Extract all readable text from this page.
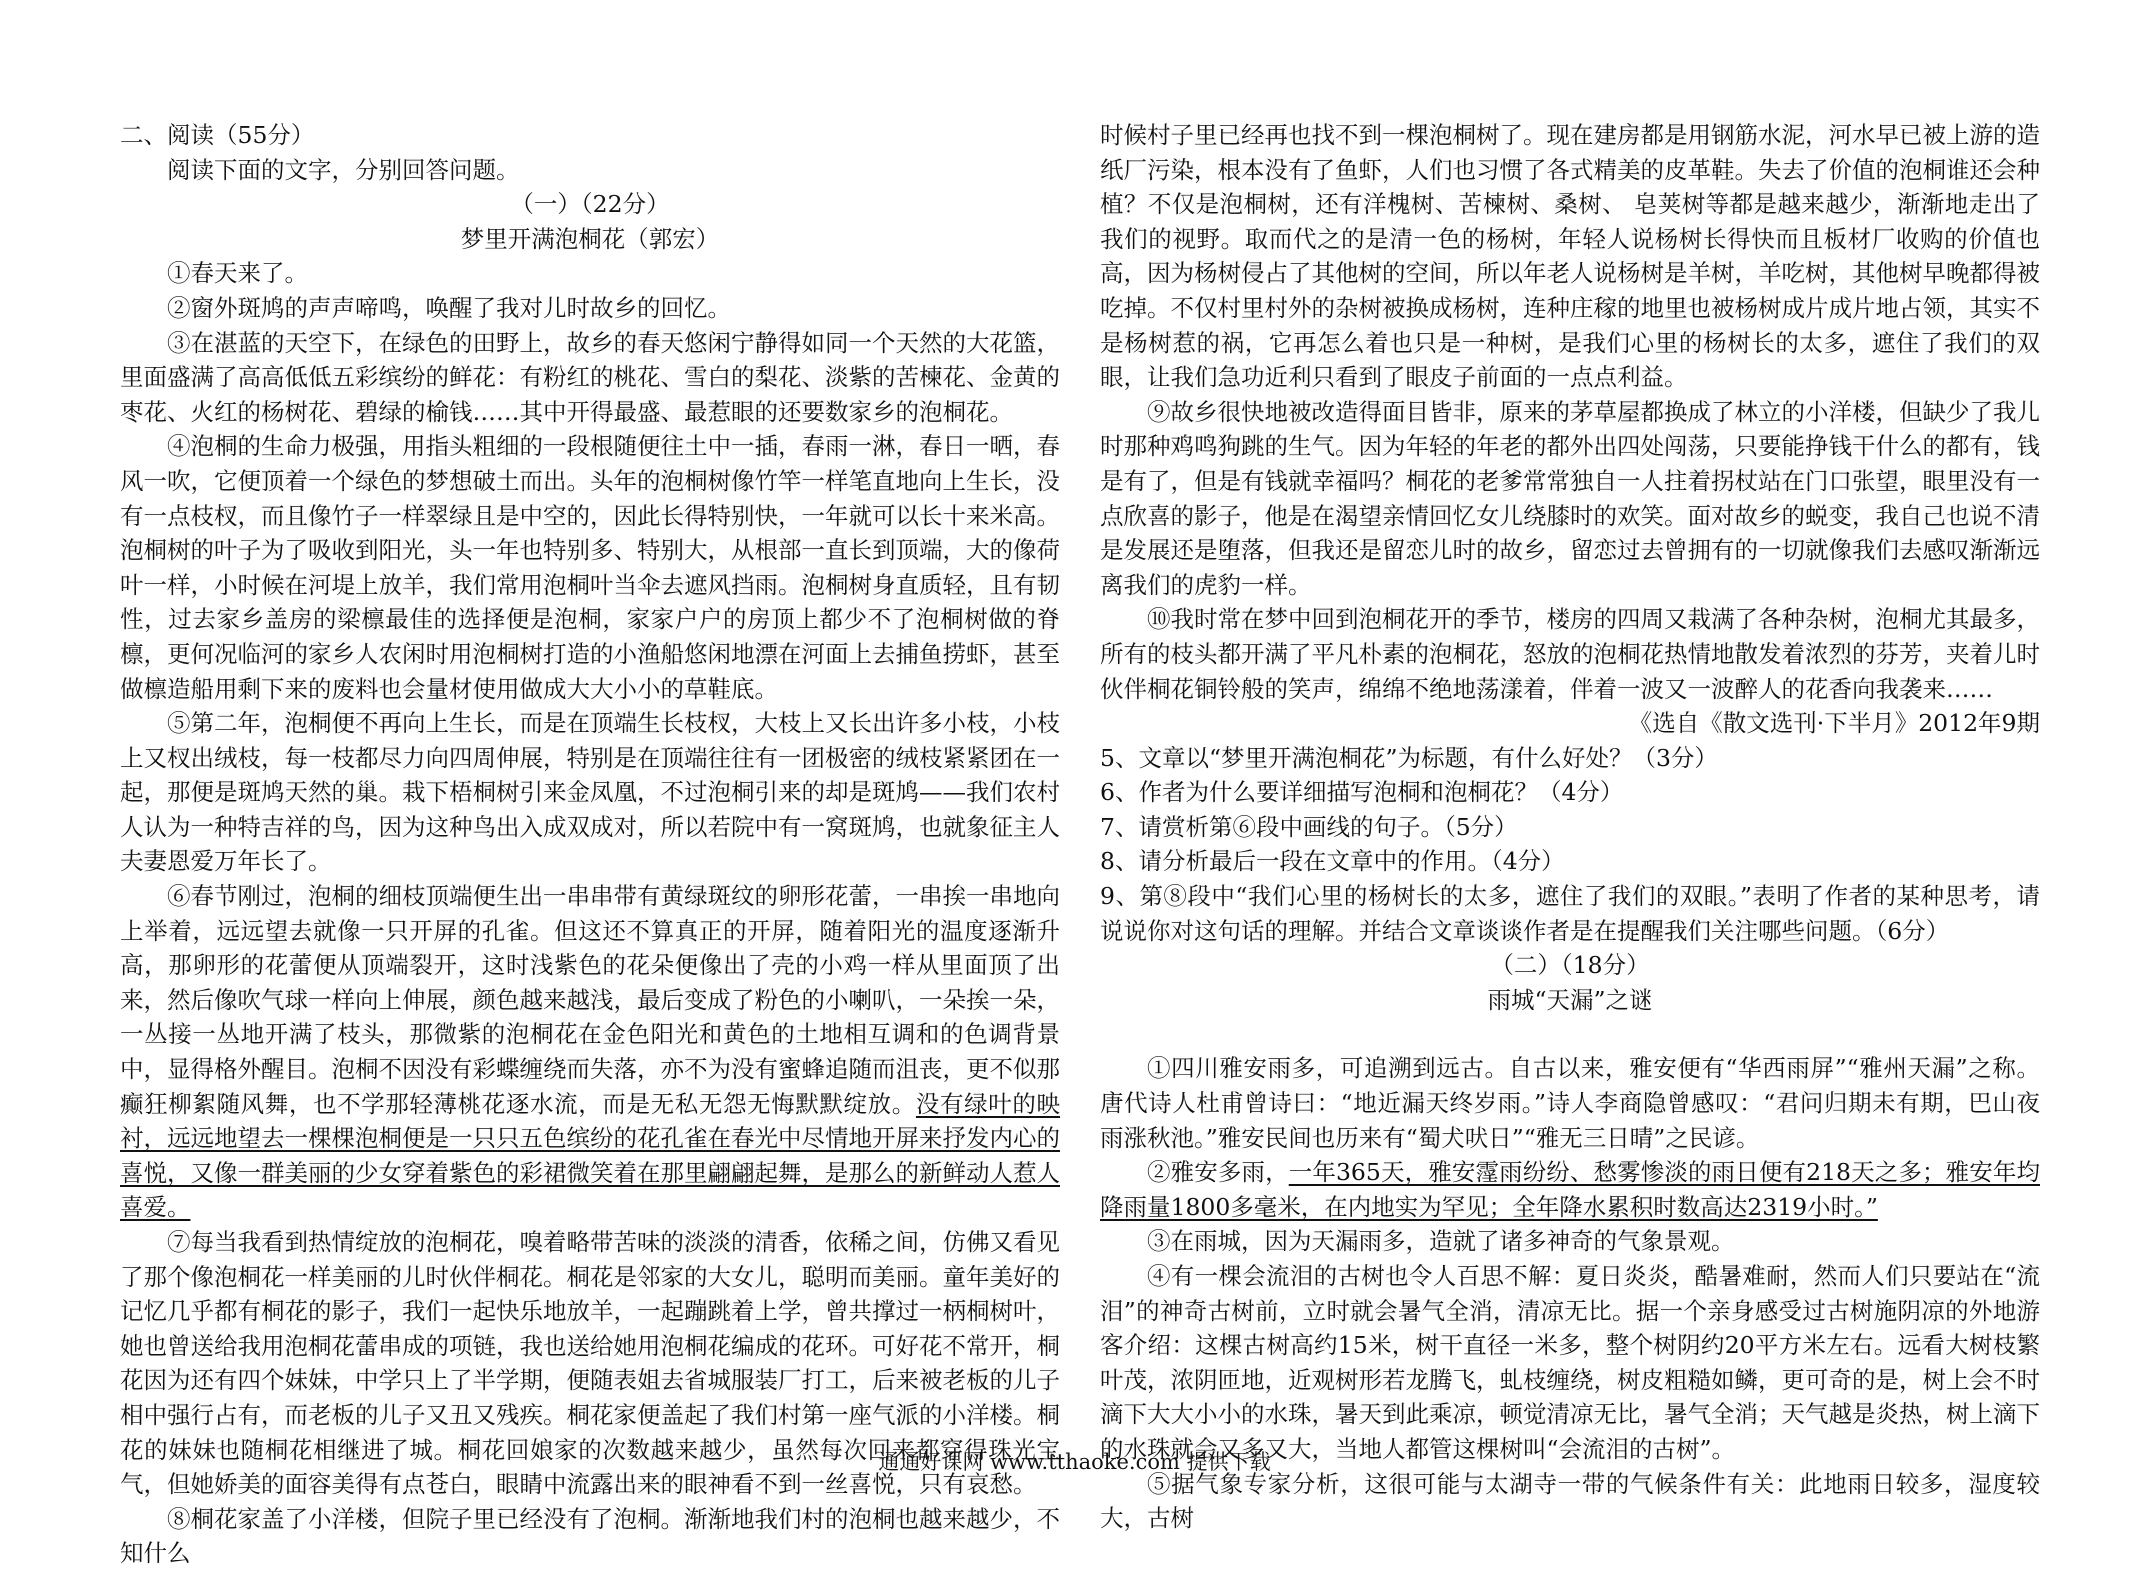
二、阅读（55分）

阅读下面的文字，分别回答问题。

（一）（22分）

梦里开满泡桐花（郭宏）

①春天来了。

②窗外斑鸠的声声啼鸣，唤醒了我对儿时故乡的回忆。

③在湛蓝的天空下，在绿色的田野上，故乡的春天悠闲宁静得如同一个天然的大花篮，里面盛满了高高低低五彩缤纷的鲜花：有粉红的桃花、雪白的梨花、淡紫的苦楝花、金黄的枣花、火红的杨树花、碧绿的榆钱……其中开得最盛、最惹眼的还要数家乡的泡桐花。

④泡桐的生命力极强，用指头粗细的一段根随便往土中一插，春雨一淋，春日一晒，春风一吹，它便顶着一个绿色的梦想破土而出。头年的泡桐树像竹竿一样笔直地向上生长，没有一点枝杈，而且像竹子一样翠绿且是中空的，因此长得特别快，一年就可以长十来米高。泡桐树的叶子为了吸收到阳光，头一年也特别多、特别大，从根部一直长到顶端，大的像荷叶一样，小时候在河堤上放羊，我们常用泡桐叶当伞去遮风挡雨。泡桐树身直质轻，且有韧性，过去家乡盖房的梁檩最佳的选择便是泡桐，家家户户的房顶上都少不了泡桐树做的脊檩，更何况临河的家乡人农闲时用泡桐树打造的小渔船悠闲地漂在河面上去捕鱼捞虾，甚至做檩造船用剩下来的废料也会量材使用做成大大小小的草鞋底。

⑤第二年，泡桐便不再向上生长，而是在顶端生长枝杈，大枝上又长出许多小枝，小枝上又杈出绒枝，每一枝都尽力向四周伸展，特别是在顶端往往有一团极密的绒枝紧紧团在一起，那便是斑鸠天然的巢。栽下梧桐树引来金凤凰，不过泡桐引来的却是斑鸠——我们农村人认为一种特吉祥的鸟，因为这种鸟出入成双成对，所以若院中有一窝斑鸠，也就象征主人夫妻恩爱万年长了。

⑥春节刚过，泡桐的细枝顶端便生出一串串带有黄绿斑纹的卵形花蕾，一串挨一串地向上举着，远远望去就像一只开屏的孔雀。但这还不算真正的开屏，随着阳光的温度逐渐升高，那卵形的花蕾便从顶端裂开，这时浅紫色的花朵便像出了壳的小鸡一样从里面顶了出来，然后像吹气球一样向上伸展，颜色越来越浅，最后变成了粉色的小喇叭，一朵挨一朵，一丛接一丛地开满了枝头，那微紫的泡桐花在金色阳光和黄色的土地相互调和的色调背景中，显得格外醒目。泡桐不因没有彩蝶缠绕而失落，亦不为没有蜜蜂追随而沮丧，更不似那癫狂柳絮随风舞，也不学那轻薄桃花逐水流，而是无私无怨无悔默默绽放。没有绿叶的映衬，远远地望去一棵棵泡桐便是一只只五色缤纷的花孔雀在春光中尽情地开屏来抒发内心的喜悦，又像一群美丽的少女穿着紫色的彩裙微笑着在那里翩翩起舞，是那么的新鲜动人惹人喜爱。

⑦每当我看到热情绽放的泡桐花，嗅着略带苦味的淡淡的清香，依稀之间，仿佛又看见了那个像泡桐花一样美丽的儿时伙伴桐花。桐花是邻家的大女儿，聪明而美丽。童年美好的记忆几乎都有桐花的影子，我们一起快乐地放羊，一起蹦跳着上学，曾共撑过一柄桐树叶，她也曾送给我用泡桐花蕾串成的项链，我也送给她用泡桐花编成的花环。可好花不常开，桐花因为还有四个妹妹，中学只上了半学期，便随表姐去省城服装厂打工，后来被老板的儿子相中强行占有，而老板的儿子又丑又残疾。桐花家便盖起了我们村第一座气派的小洋楼。桐花的妹妹也随桐花相继进了城。桐花回娘家的次数越来越少，虽然每次回来都穿得珠光宝气，但她娇美的面容美得有点苍白，眼睛中流露出来的眼神看不到一丝喜悦，只有哀愁。

⑧桐花家盖了小洋楼，但院子里已经没有了泡桐。渐渐地我们村的泡桐也越来越少，不知什么

时候村子里已经再也找不到一棵泡桐树了。现在建房都是用钢筋水泥，河水早已被上游的造纸厂污染，根本没有了鱼虾，人们也习惯了各式精美的皮革鞋。失去了价值的泡桐谁还会种植？不仅是泡桐树，还有洋槐树、苦楝树、桑树、 皂荚树等都是越来越少，渐渐地走出了我们的视野。取而代之的是清一色的杨树，年轻人说杨树长得快而且板材厂收购的价值也高，因为杨树侵占了其他树的空间，所以年老人说杨树是羊树，羊吃树，其他树早晚都得被吃掉。不仅村里村外的杂树被换成杨树，连种庄稼的地里也被杨树成片成片地占领，其实不是杨树惹的祸，它再怎么着也只是一种树，是我们心里的杨树长的太多，遮住了我们的双眼，让我们急功近利只看到了眼皮子前面的一点点利益。

⑨故乡很快地被改造得面目皆非，原来的茅草屋都换成了林立的小洋楼，但缺少了我儿时那种鸡鸣狗跳的生气。因为年轻的年老的都外出四处闯荡，只要能挣钱干什么的都有，钱是有了，但是有钱就幸福吗？桐花的老爹常常独自一人拄着拐杖站在门口张望，眼里没有一点欣喜的影子，他是在渴望亲情回忆女儿绕膝时的欢笑。面对故乡的蜕变，我自己也说不清是发展还是堕落，但我还是留恋儿时的故乡，留恋过去曾拥有的一切就像我们去感叹渐渐远离我们的虎豹一样。

⑩我时常在梦中回到泡桐花开的季节，楼房的四周又栽满了各种杂树，泡桐尤其最多，所有的枝头都开满了平凡朴素的泡桐花，怒放的泡桐花热情地散发着浓烈的芬芳，夹着儿时伙伴桐花铜铃般的笑声，绵绵不绝地荡漾着，伴着一波又一波醉人的花香向我袭来……

《选自《散文选刊·下半月》2012年9期

5、文章以“梦里开满泡桐花”为标题，有什么好处？（3分）

6、作者为什么要详细描写泡桐和泡桐花？（4分）

7、请赏析第⑥段中画线的句子。（5分）

8、请分析最后一段在文章中的作用。（4分）

9、第⑧段中“我们心里的杨树长的太多，遮住了我们的双眼。”表明了作者的某种思考，请说说你对这句话的理解。并结合文章谈谈作者是在提醒我们关注哪些问题。（6分）

（二）（18分）

雨城“天漏”之谜

①四川雅安雨多，可追溯到远古。自古以来，雅安便有“华西雨屏”“雅州天漏”之称。唐代诗人杜甫曾诗曰：“地近漏天终岁雨。”诗人李商隐曾感叹：“君问归期未有期，巴山夜雨涨秋池。”雅安民间也历来有“蜀犬吠日”“雅无三日晴”之民谚。

②雅安多雨，一年365天，雅安霪雨纷纷、愁雾惨淡的雨日便有218天之多；雅安年均降雨量1800多毫米，在内地实为罕见；全年降水累积时数高达2319小时。”

③在雨城，因为天漏雨多，造就了诸多神奇的气象景观。

④有一棵会流泪的古树也令人百思不解：夏日炎炎，酷暑难耐，然而人们只要站在“流泪”的神奇古树前，立时就会暑气全消，清凉无比。据一个亲身感受过古树施阴凉的外地游客介绍：这棵古树高约15米，树干直径一米多，整个树阴约20平方米左右。远看大树枝繁叶茂，浓阴匝地，近观树形若龙腾飞，虬枝缠绕，树皮粗糙如鳞，更可奇的是，树上会不时滴下大大小小的水珠，暑天到此乘凉，顿觉清凉无比，暑气全消；天气越是炎热，树上滴下的水珠就会又多又大，当地人都管这棵树叫“会流泪的古树”。

⑤据气象专家分析，这很可能与太湖寺一带的气候条件有关：此地雨日较多，湿度较大，古树

通通好课网 www.tthaoke.com 提供下载
